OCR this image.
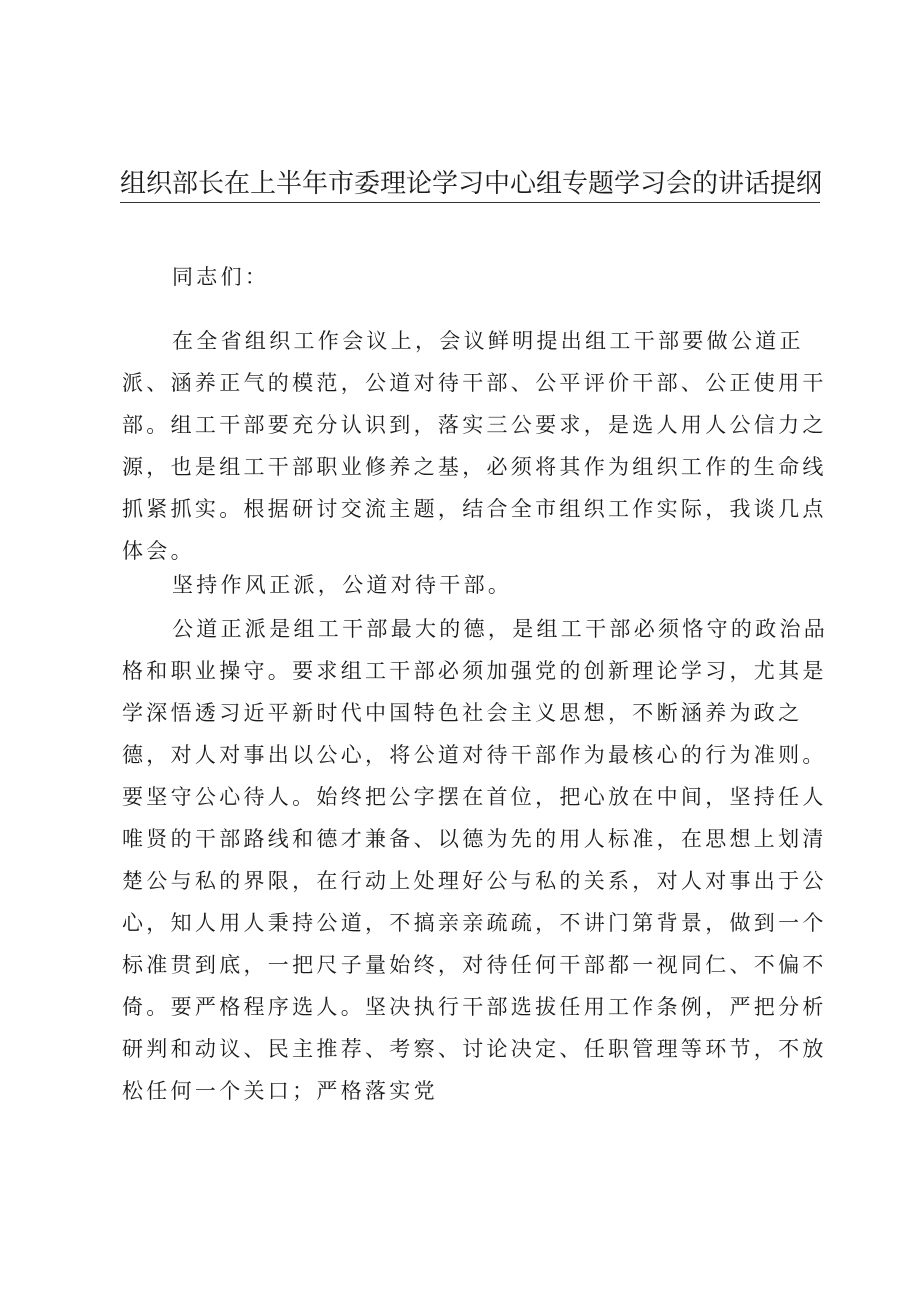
组织部长在上半年市委理论学习中心组专题学习会的讲话提纲

同志们：

在全省组织工作会议上，会议鲜明提出组工干部要做公道正派、涵养正气的模范，公道对待干部、公平评价干部、公正使用干部。组工干部要充分认识到，落实三公要求，是选人用人公信力之源，也是组工干部职业修养之基，必须将其作为组织工作的生命线抓紧抓实。根据研讨交流主题，结合全市组织工作实际，我谈几点体会。

坚持作风正派，公道对待干部。

公道正派是组工干部最大的德，是组工干部必须恪守的政治品格和职业操守。要求组工干部必须加强党的创新理论学习，尤其是学深悟透习近平新时代中国特色社会主义思想，不断涵养为政之德，对人对事出以公心，将公道对待干部作为最核心的行为准则。要坚守公心待人。始终把公字摆在首位，把心放在中间，坚持任人唯贤的干部路线和德才兼备、以德为先的用人标准，在思想上划清楚公与私的界限，在行动上处理好公与私的关系，对人对事出于公心，知人用人秉持公道，不搞亲亲疏疏，不讲门第背景，做到一个标准贯到底，一把尺子量始终，对待任何干部都一视同仁、不偏不倚。要严格程序选人。坚决执行干部选拔任用工作条例，严把分析研判和动议、民主推荐、考察、讨论决定、任职管理等环节，不放松任何一个关口；严格落实党
